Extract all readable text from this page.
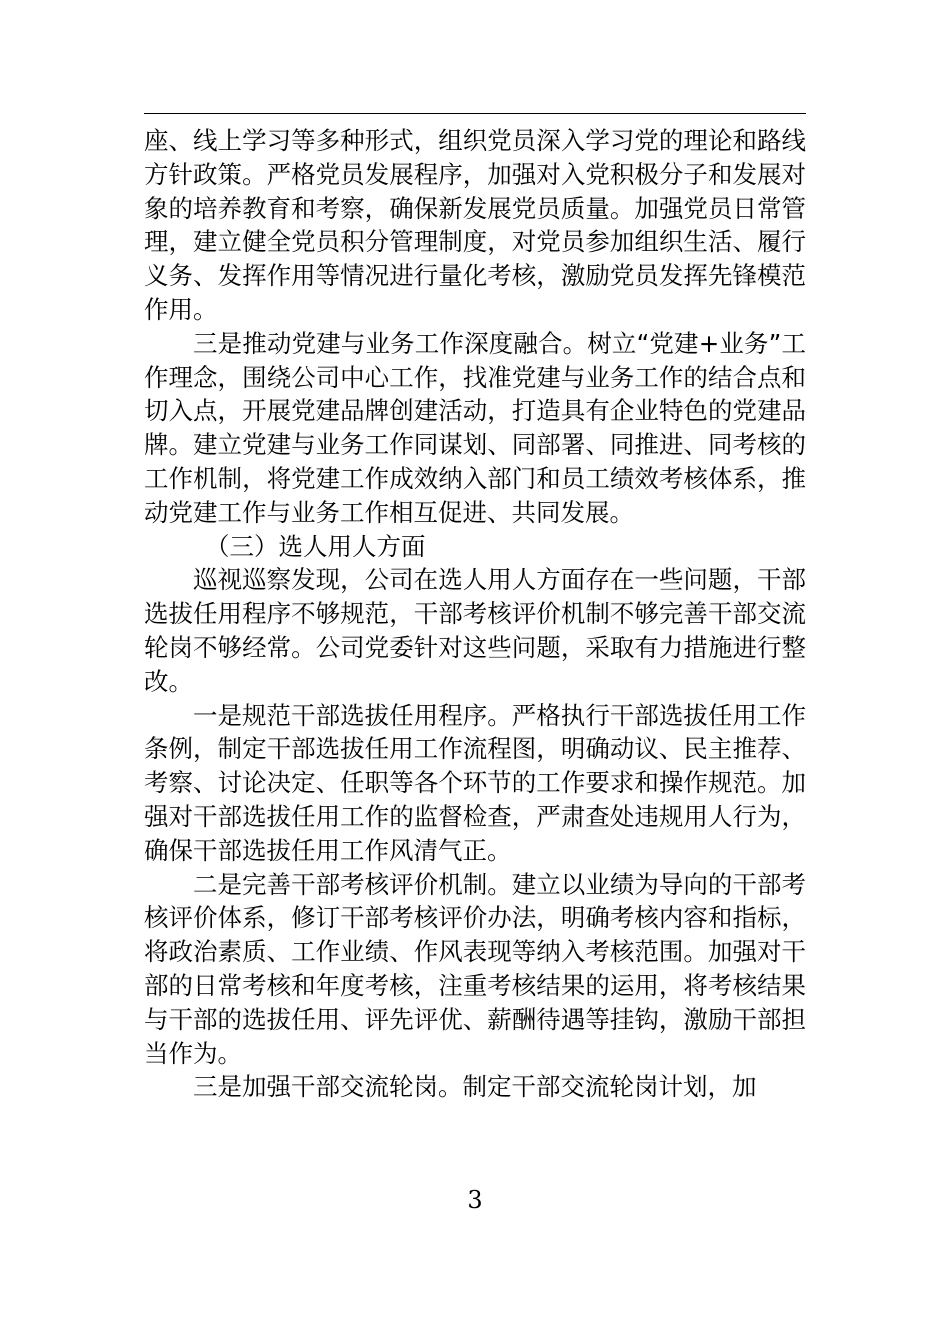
座、线上学习等多种形式，组织党员深入学习党的理论和路线方针政策。严格党员发展程序，加强对入党积极分子和发展对象的培养教育和考察，确保新发展党员质量。加强党员日常管理，建立健全党员积分管理制度，对党员参加组织生活、履行义务、发挥作用等情况进行量化考核，激励党员发挥先锋模范作用。

三是推动党建与业务工作深度融合。树立“党建+业务”工作理念，围绕公司中心工作，找准党建与业务工作的结合点和切入点，开展党建品牌创建活动，打造具有企业特色的党建品牌。建立党建与业务工作同谋划、同部署、同推进、同考核的工作机制，将党建工作成效纳入部门和员工绩效考核体系，推动党建工作与业务工作相互促进、共同发展。

（三）选人用人方面

巡视巡察发现，公司在选人用人方面存在一些问题，干部选拔任用程序不够规范，干部考核评价机制不够完善干部交流轮岗不够经常。公司党委针对这些问题，采取有力措施进行整改。

一是规范干部选拔任用程序。严格执行干部选拔任用工作条例，制定干部选拔任用工作流程图，明确动议、民主推荐、考察、讨论决定、任职等各个环节的工作要求和操作规范。加强对干部选拔任用工作的监督检查，严肃查处违规用人行为，确保干部选拔任用工作风清气正。

二是完善干部考核评价机制。建立以业绩为导向的干部考核评价体系，修订干部考核评价办法，明确考核内容和指标，将政治素质、工作业绩、作风表现等纳入考核范围。加强对干部的日常考核和年度考核，注重考核结果的运用，将考核结果与干部的选拔任用、评先评优、薪酬待遇等挂钩，激励干部担当作为。

三是加强干部交流轮岗。制定干部交流轮岗计划，加

3
